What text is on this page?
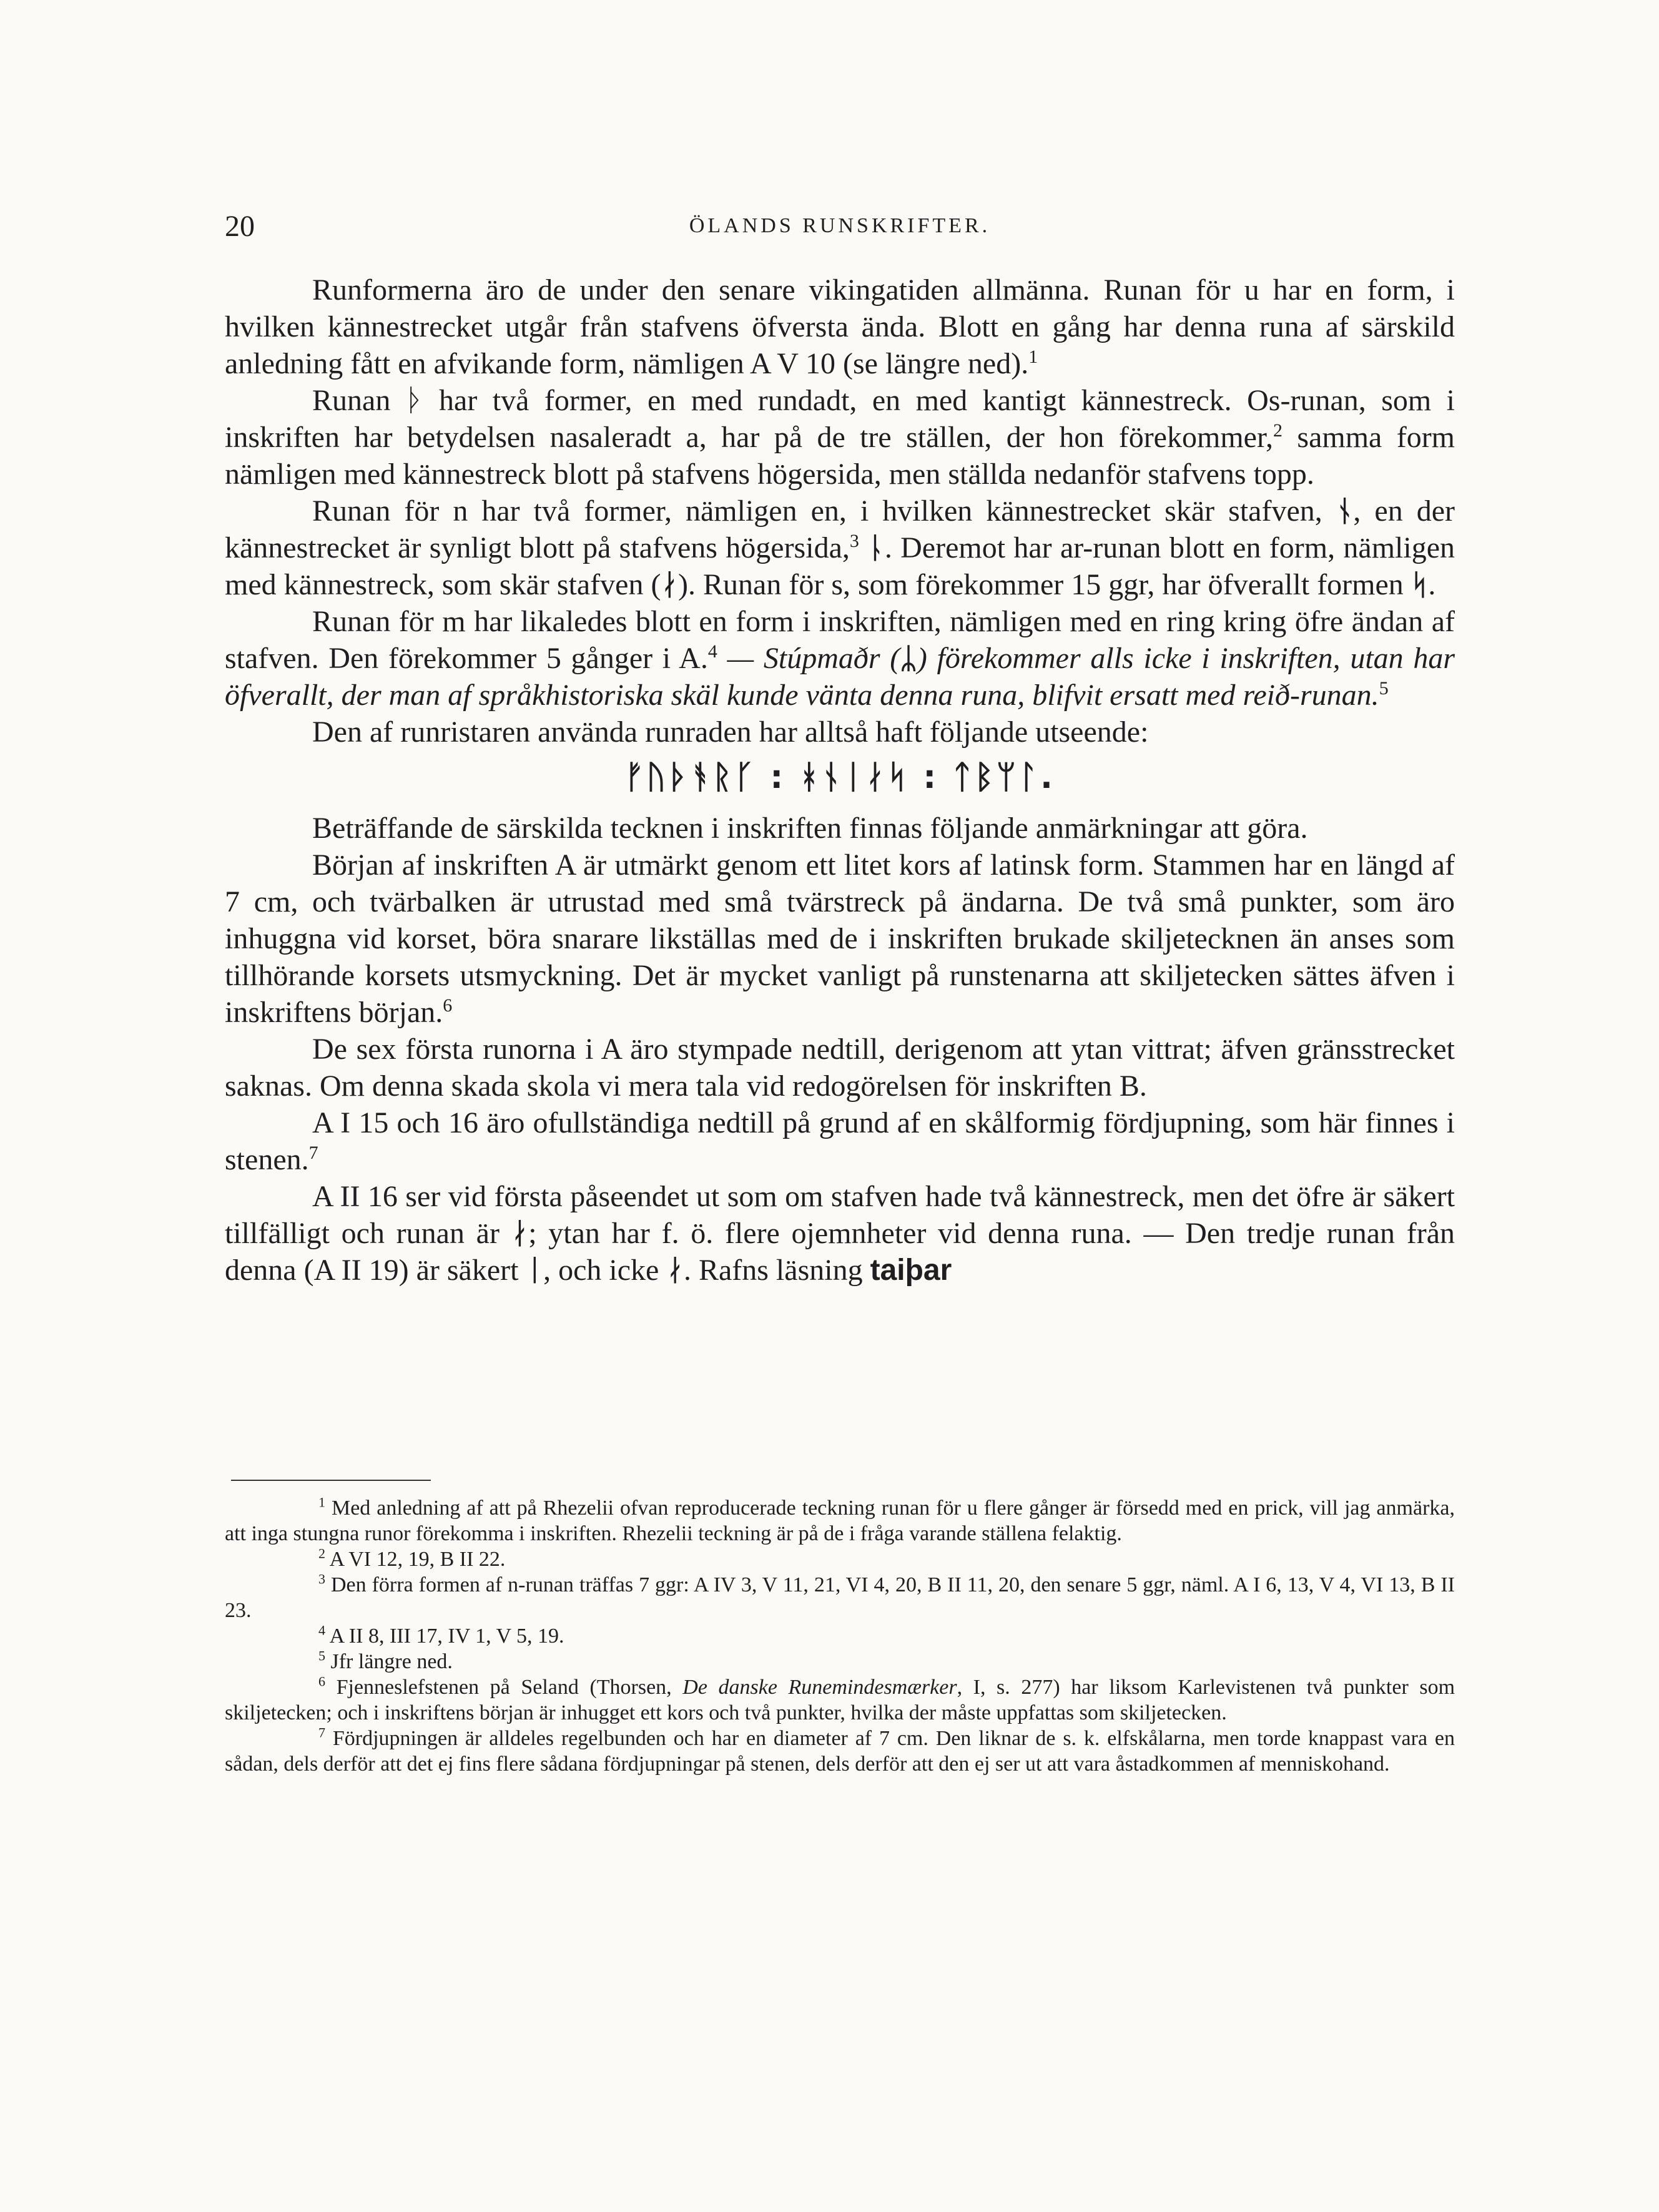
20	ÖLANDS RUNSKRIFTER.

Runformerna äro de under den senare vikingatiden allmänna. Runan för u har en form, i hvilken kännestrecket utgår från stafvens öfversta ända. Blott en gång har denna runa af särskild anledning fått en afvikande form, nämligen A V 10 (se längre ned).$^1$

Runan ᚦ har två former, en med rundadt, en med kantigt kännestreck. Os-runan, som i inskriften har betydelsen nasaleradt a, har på de tre ställen, der hon förekommer,$^2$ samma form nämligen med kännestreck blott på stafvens högersida, men ställda nedanför stafvens topp.

Runan för n har två former, nämligen en, i hvilken kännestrecket skär stafven, ᚾ, en der kännestrecket är synligt blott på stafvens högersida,$^3$ ᚿ. Deremot har ar-runan blott en form, nämligen med kännestreck, som skär stafven (ᛅ). Runan för s, som förekommer 15 ggr, har öfverallt formen ᛋ.

Runan för m har likaledes blott en form i inskriften, nämligen med en ring kring öfre ändan af stafven. Den förekommer 5 gånger i A.$^4$ — Stúpmaðr (ᛦ) förekommer alls icke i inskriften, utan har öfverallt, der man af språkhistoriska skäl kunde vänta denna runa, blifvit ersatt med reið-runan.$^5$

Den af runristaren använda runraden har alltså haft följande utseende:

ᚠᚢᚦᚬᚱᚴ : ᚼᚾᛁᛅᛋ : ᛏᛒᛘᛚ.

Beträffande de särskilda tecknen i inskriften finnas följande anmärkningar att göra.

Början af inskriften A är utmärkt genom ett litet kors af latinsk form. Stammen har en längd af 7 cm, och tvärbalken är utrustad med små tvärstreck på ändarna. De två små punkter, som äro inhuggna vid korset, böra snarare likställas med de i inskriften brukade skiljetecknen än anses som tillhörande korsets utsmyckning. Det är mycket vanligt på runstenarna att skiljetecken sättes äfven i inskriftens början.$^6$

De sex första runorna i A äro stympade nedtill, derigenom att ytan vittrat; äfven gränsstrecket saknas. Om denna skada skola vi mera tala vid redogörelsen för inskriften B.

A I 15 och 16 äro ofullständiga nedtill på grund af en skålformig fördjupning, som här finnes i stenen.$^7$

A II 16 ser vid första påseendet ut som om stafven hade två kännestreck, men det öfre är säkert tillfälligt och runan är ᛅ; ytan har f. ö. flere ojemnheter vid denna runa. — Den tredje runan från denna (A II 19) är säkert ᛁ, och icke ᛅ. Rafns läsning taiþar

$^1$ Med anledning af att på Rhezelii ofvan reproducerade teckning runan för u flere gånger är försedd med en prick, vill jag anmärka, att inga stungna runor förekomma i inskriften. Rhezelii teckning är på de i fråga varande ställena felaktig.

$^2$ A VI 12, 19, B II 22.

$^3$ Den förra formen af n-runan träffas 7 ggr: A IV 3, V 11, 21, VI 4, 20, B II 11, 20, den senare 5 ggr, näml. A I 6, 13, V 4, VI 13, B II 23.

$^4$ A II 8, III 17, IV 1, V 5, 19.

$^5$ Jfr längre ned.

$^6$ Fjenneslefstenen på Seland (Thorsen, De danske Runemindesmærker, I, s. 277) har liksom Karlevistenen två punkter som skiljetecken; och i inskriftens början är inhugget ett kors och två punkter, hvilka der måste uppfattas som skiljetecken.

$^7$ Fördjupningen är alldeles regelbunden och har en diameter af 7 cm. Den liknar de s. k. elfskålarna, men torde knappast vara en sådan, dels derför att det ej fins flere sådana fördjupningar på stenen, dels derför att den ej ser ut att vara åstadkommen af menniskohand.
